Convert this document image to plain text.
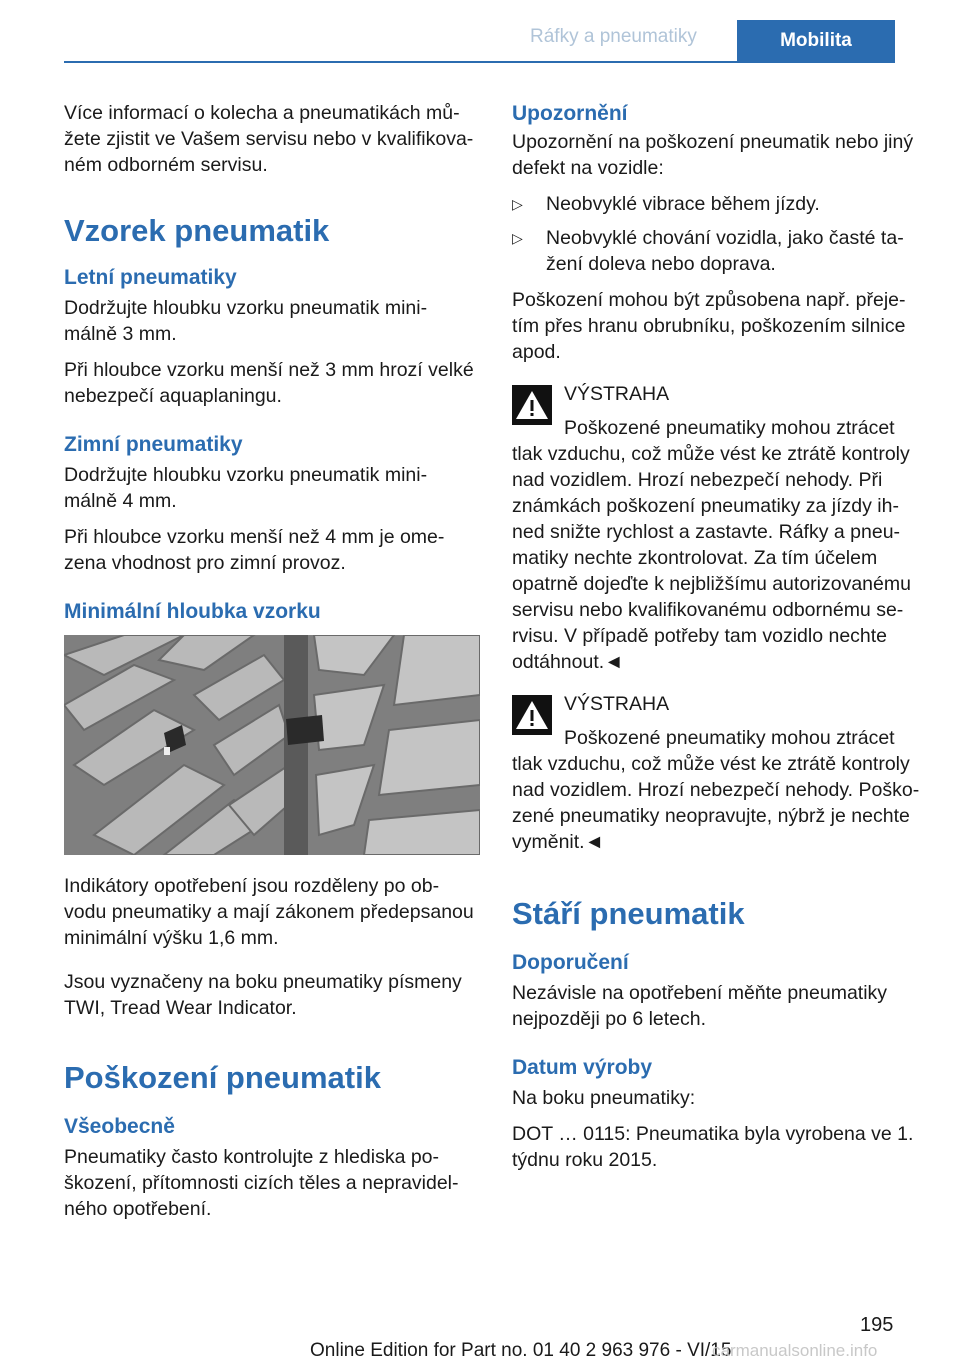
Ráfky a pneumatiky	Mobilita

Více informací o kolecha a pneumatikách mů-žete zjistit ve Vašem servisu nebo v kvalifikova-ném odborném servisu.

Vzorek pneumatik
Letní pneumatiky

Dodržujte hloubku vzorku pneumatik mini-málně 3 mm.

Při hloubce vzorku menší než 3 mm hrozí velké nebezpečí aquaplaningu.

Zimní pneumatiky

Dodržujte hloubku vzorku pneumatik mini-málně 4 mm.

Při hloubce vzorku menší než 4 mm je ome-zena vhodnost pro zimní provoz.

Minimální hloubka vzorku

Indikátory opotřebení jsou rozděleny po ob-vodu pneumatiky a mají zákonem předepsanou minimální výšku 1,6 mm.

Jsou vyznačeny na boku pneumatiky písmeny TWI, Tread Wear Indicator.

Poškození pneumatik
Všeobecně

Pneumatiky často kontrolujte z hlediska po-škození, přítomnosti cizích těles a nepravidel-ného opotřebení.

Upozornění

Upozornění na poškození pneumatik nebo jiný defekt na vozidle:

▷ Neobvyklé vibrace během jízdy.
▷ Neobvyklé chování vozidla, jako časté ta-žení doleva nebo doprava.

Poškození mohou být způsobena např. přeje-tím přes hranu obrubníku, poškozením silnice apod.

VÝSTRAHA

Poškozené pneumatiky mohou ztrácet tlak vzduchu, což může vést ke ztrátě kontroly nad vozidlem. Hrozí nebezpečí nehody. Při známkách poškození pneumatiky za jízdy ih-ned snižte rychlost a zastavte. Ráfky a pneu-matiky nechte zkontrolovat. Za tím účelem opatrně dojeďte k nejbližšímu autorizovanému servisu nebo kvalifikovanému odbornému se-rvisu. V případě potřeby tam vozidlo nechte odtáhnout.◄

VÝSTRAHA

Poškozené pneumatiky mohou ztrácet tlak vzduchu, což může vést ke ztrátě kontroly nad vozidlem. Hrozí nebezpečí nehody. Poško-zené pneumatiky neopravujte, nýbrž je nechte vyměnit.◄

Stáří pneumatik
Doporučení

Nezávisle na opotřebení měňte pneumatiky nejpozději po 6 letech.

Datum výroby

Na boku pneumatiky:

DOT … 0115: Pneumatika byla vyrobena ve 1. týdnu roku 2015.

195
Online Edition for Part no. 01 40 2 963 976 - VI/15
carmanualsonline.info
